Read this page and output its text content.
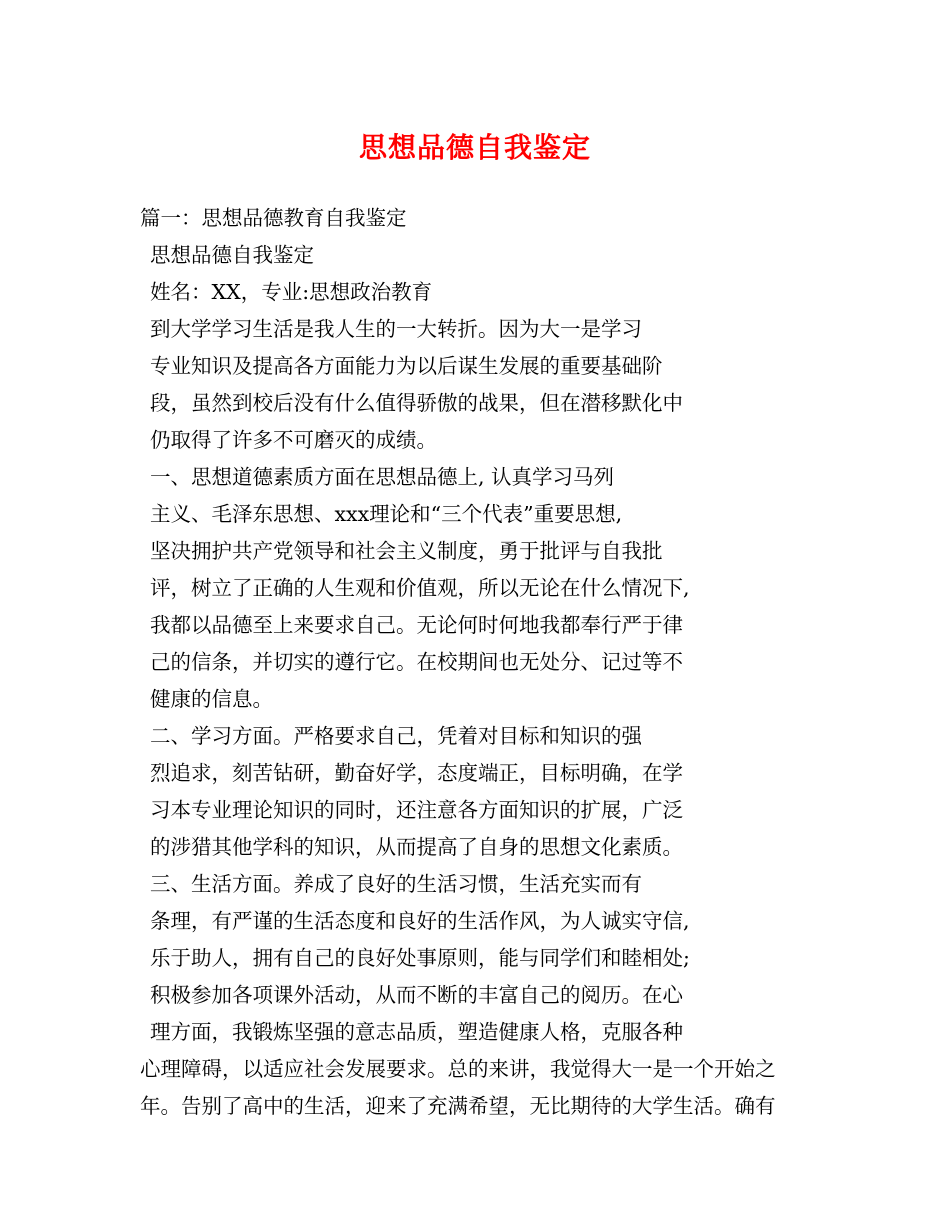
思想品德自我鉴定
篇一：思想品德教育自我鉴定
思想品德自我鉴定
姓名：XX，专业:思想政治教育
到大学学习生活是我人生的一大转折。因为大一是学习
专业知识及提高各方面能力为以后谋生发展的重要基础阶
段，虽然到校后没有什么值得骄傲的战果，但在潜移默化中
仍取得了许多不可磨灭的成绩。
一、思想道德素质方面在思想品德上, 认真学习马列
主义、毛泽东思想、xxx理论和“三个代表”重要思想,
坚决拥护共产党领导和社会主义制度，勇于批评与自我批
评，树立了正确的人生观和价值观，所以无论在什么情况下,
我都以品德至上来要求自己。无论何时何地我都奉行严于律
己的信条，并切实的遵行它。在校期间也无处分、记过等不
健康的信息。
二、学习方面。严格要求自己，凭着对目标和知识的强
烈追求，刻苦钻研，勤奋好学，态度端正，目标明确，在学
习本专业理论知识的同时，还注意各方面知识的扩展，广泛
的涉猎其他学科的知识，从而提高了自身的思想文化素质。
三、生活方面。养成了良好的生活习惯，生活充实而有
条理，有严谨的生活态度和良好的生活作风，为人诚实守信,
乐于助人，拥有自己的良好处事原则，能与同学们和睦相处;
积极参加各项课外活动，从而不断的丰富自己的阅历。在心
理方面，我锻炼坚强的意志品质，塑造健康人格，克服各种
心理障碍，以适应社会发展要求。总的来讲，我觉得大一是一个开始之
年。告别了高中的生活，迎来了充满希望，无比期待的大学生活。确有
